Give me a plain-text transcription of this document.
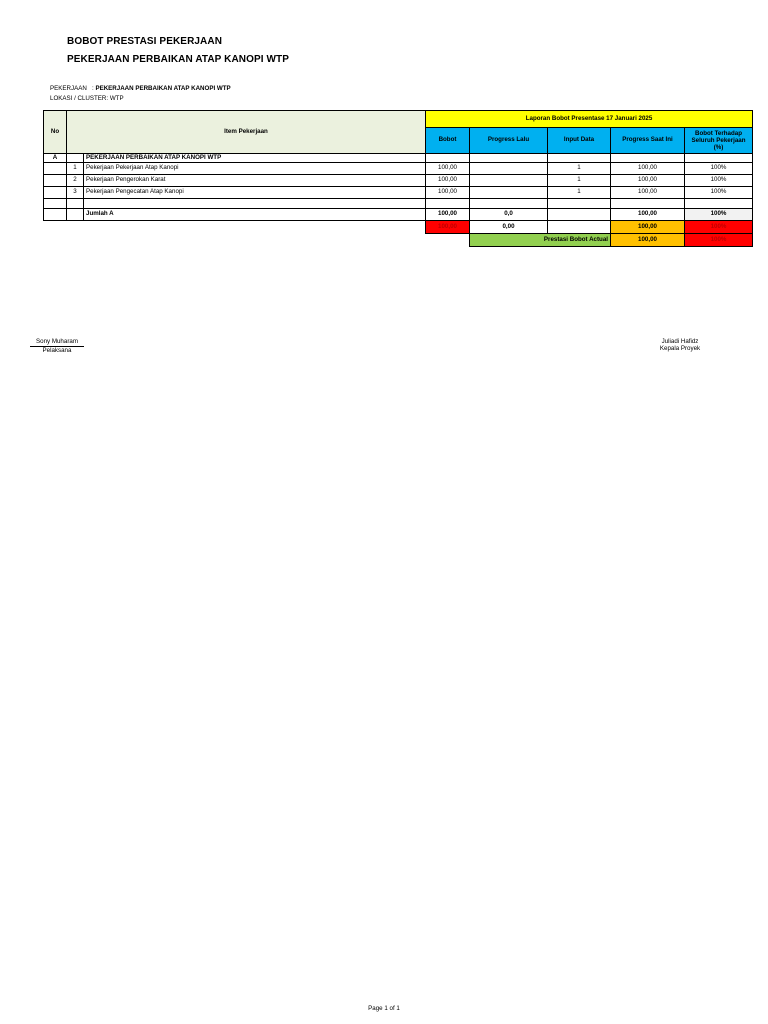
BOBOT PRESTASI PEKERJAAN
PEKERJAAN PERBAIKAN ATAP KANOPI WTP
PEKERJAAN : PEKERJAAN PERBAIKAN ATAP KANOPI WTP
LOKASI / CLUSTER: WTP
No	Item Pekerjaan		Laporan Bobot Presentase 17 Januari 2025				
			Bobot	Progress Lalu	Input Data	Progress Saat Ini	Bobot Terhadap Seluruh Pekerjaan (%)
A		PEKERJAAN PERBAIKAN ATAP KANOPI WTP					
	1	Pekerjaan Pekerjaan Atap Kanopi	100,00		1	100,00	100%
	2	Pekerjaan Pengerokan Karat	100,00		1	100,00	100%
	3	Pekerjaan Pengecatan Atap Kanopi	100,00		1	100,00	100%

		Jumlah A	100,00	0,0		100,00	100%
			100,00	0,00		100,00	100%
				Prestasi Bobot Actual		100,00	100%
Sony Muharam
Pelaksana
Juliadi Hafidz
Kepala Proyek
Page 1 of 1
